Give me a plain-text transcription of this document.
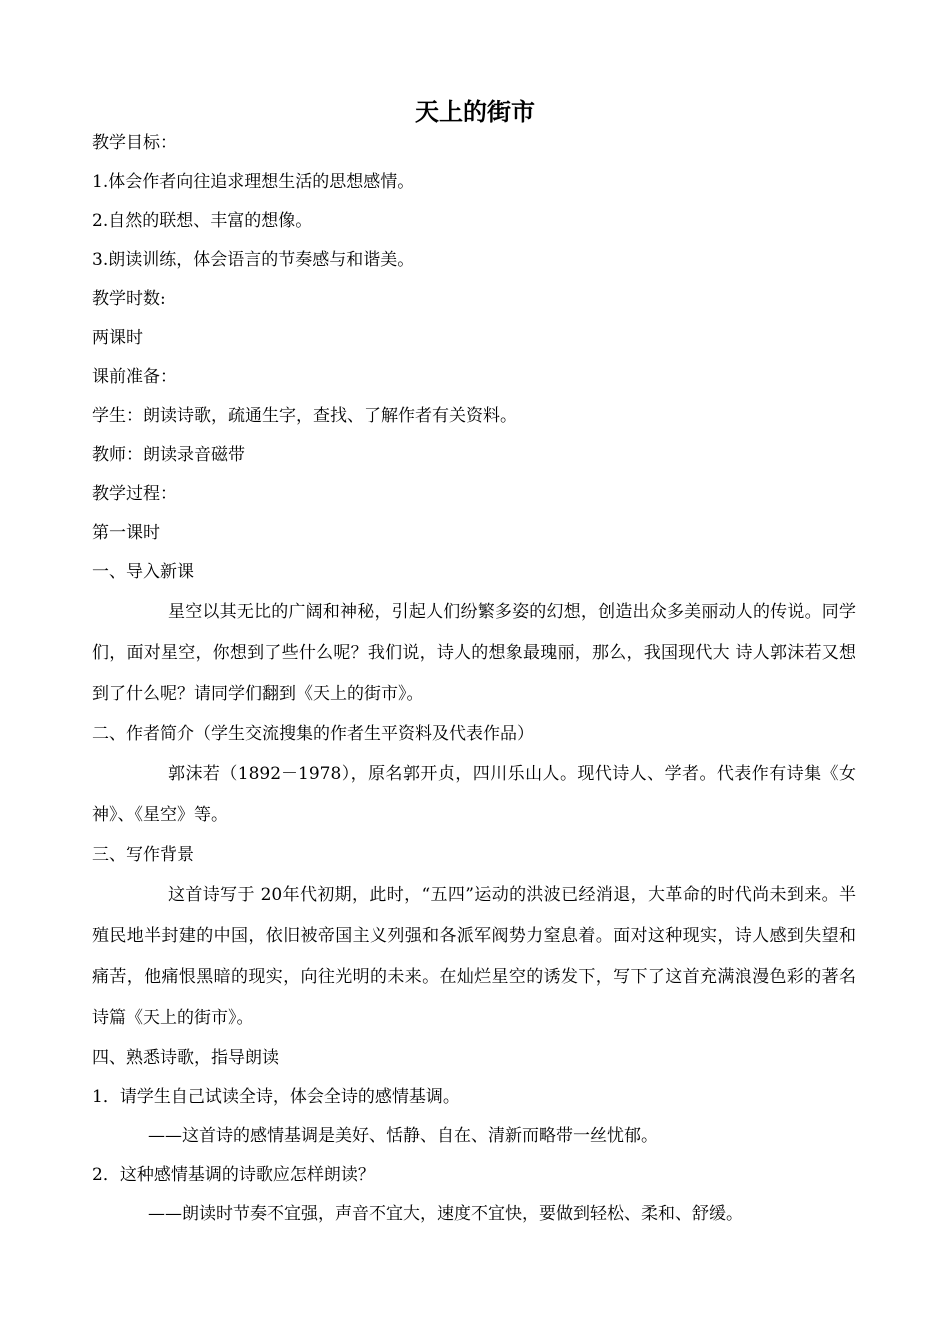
天上的街市
教学目标：
1.体会作者向往追求理想生活的思想感情。
2.自然的联想、丰富的想像。
3.朗读训练，体会语言的节奏感与和谐美。
教学时数:
两课时
课前准备：
学生：朗读诗歌，疏通生字，查找、了解作者有关资料。
教师：朗读录音磁带
教学过程：
第一课时
一、导入新课
星空以其无比的广阔和神秘，引起人们纷繁多姿的幻想，创造出众多美丽动人的传说。同学们，面对星空，你想到了些什么呢？我们说，诗人的想象最瑰丽，那么，我国现代大 诗人郭沫若又想到了什么呢？请同学们翻到《天上的街市》。
二、作者简介（学生交流搜集的作者生平资料及代表作品）
郭沫若（1892－1978），原名郭开贞，四川乐山人。现代诗人、学者。代表作有诗集《女神》、《星空》等。
三、写作背景
这首诗写于 20年代初期，此时，“五四”运动的洪波已经消退，大革命的时代尚未到来。半殖民地半封建的中国，依旧被帝国主义列强和各派军阀势力窒息着。面对这种现实，诗人感到失望和痛苦，他痛恨黑暗的现实，向往光明的未来。在灿烂星空的诱发下，写下了这首充满浪漫色彩的著名诗篇《天上的街市》。
四、熟悉诗歌，指导朗读
1．请学生自己试读全诗，体会全诗的感情基调。
——这首诗的感情基调是美好、恬静、自在、清新而略带一丝忧郁。
2．这种感情基调的诗歌应怎样朗读？
——朗读时节奏不宜强，声音不宜大，速度不宜快，要做到轻松、柔和、舒缓。
